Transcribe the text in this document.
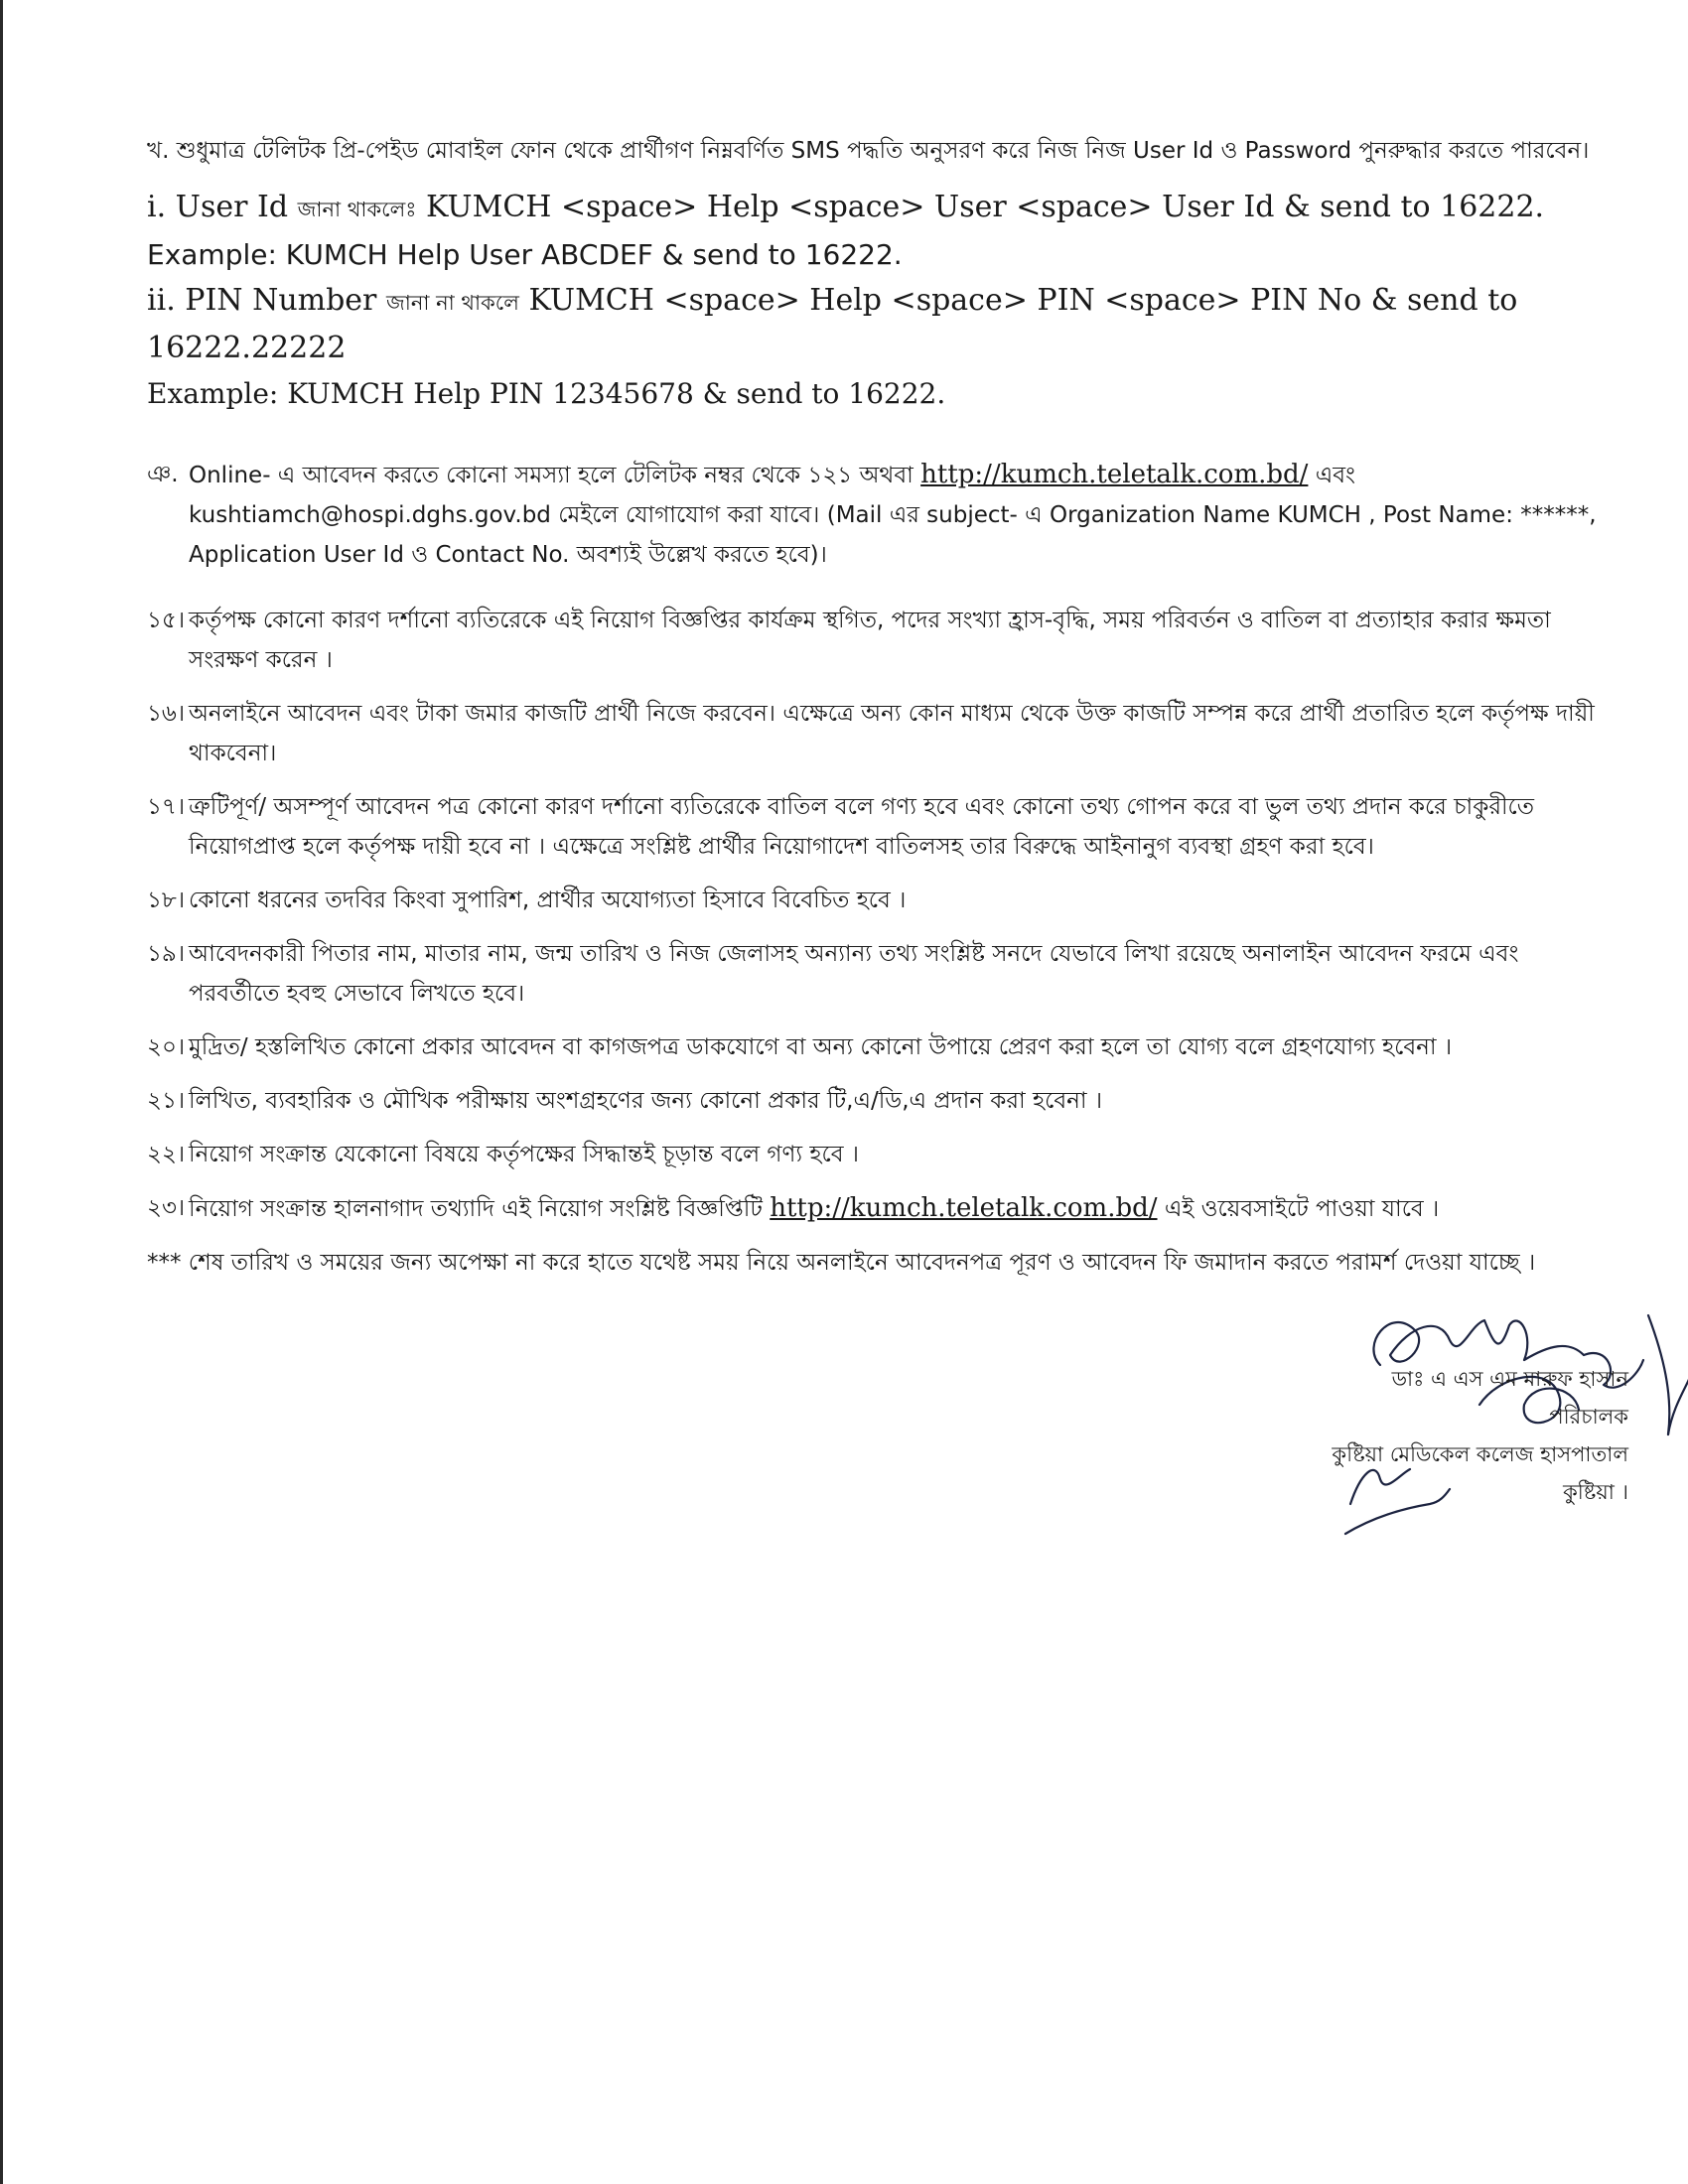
খ. শুধুমাত্র টেলিটক প্রি-পেইড মোবাইল ফোন থেকে প্রার্থীগণ নিম্নবর্ণিত SMS পদ্ধতি অনুসরণ করে নিজ নিজ User Id ও Password পুনরুদ্ধার করতে পারবেন।

i. User Id জানা থাকলেঃ KUMCH <space> Help <space> User <space> User Id & send to 16222.

Example: KUMCH Help User ABCDEF & send to 16222.

ii. PIN Number জানা না থাকলে KUMCH <space> Help <space> PIN <space> PIN No & send to 16222.22222

Example: KUMCH Help PIN 12345678 & send to 16222.

ঞ. Online- এ আবেদন করতে কোনো সমস্যা হলে টেলিটক নম্বর থেকে ১২১ অথবা http://kumch.teletalk.com.bd/ এবং kushtiamch@hospi.dghs.gov.bd মেইলে যোগাযোগ করা যাবে। (Mail এর subject- এ Organization Name KUMCH , Post Name: ******, Application User Id ও Contact No. অবশ্যই উল্লেখ করতে হবে)।
১৫। কর্তৃপক্ষ কোনো কারণ দর্শানো ব্যতিরেকে এই নিয়োগ বিজ্ঞপ্তির কার্যক্রম স্থগিত, পদের সংখ্যা হ্রাস-বৃদ্ধি, সময় পরিবর্তন ও বাতিল বা প্রত্যাহার করার ক্ষমতা সংরক্ষণ করেন ।
১৬। অনলাইনে আবেদন এবং টাকা জমার কাজটি প্রার্থী নিজে করবেন। এক্ষেত্রে অন্য কোন মাধ্যম থেকে উক্ত কাজটি সম্পন্ন করে প্রার্থী প্রতারিত হলে কর্তৃপক্ষ দায়ী থাকবেনা।
১৭। ত্রুটিপূর্ণ/ অসম্পূর্ণ আবেদন পত্র কোনো কারণ দর্শানো ব্যতিরেকে বাতিল বলে গণ্য হবে এবং কোনো তথ্য গোপন করে বা ভুল তথ্য প্রদান করে চাকুরীতে নিয়োগপ্রাপ্ত হলে কর্তৃপক্ষ দায়ী হবে না । এক্ষেত্রে সংশ্লিষ্ট প্রার্থীর নিয়োগাদেশ বাতিলসহ তার বিরুদ্ধে আইনানুগ ব্যবস্থা গ্রহণ করা হবে।
১৮। কোনো ধরনের তদবির কিংবা সুপারিশ, প্রার্থীর অযোগ্যতা হিসাবে বিবেচিত হবে ।
১৯। আবেদনকারী পিতার নাম, মাতার নাম, জন্ম তারিখ ও নিজ জেলাসহ অন্যান্য তথ্য সংশ্লিষ্ট সনদে যেভাবে লিখা রয়েছে অনালাইন আবেদন ফরমে এবং পরবর্তীতে হবহু সেভাবে লিখতে হবে।
২০। মুদ্রিত/ হস্তলিখিত কোনো প্রকার আবেদন বা কাগজপত্র ডাকযোগে বা অন্য কোনো উপায়ে প্রেরণ করা হলে তা যোগ্য বলে গ্রহণযোগ্য হবেনা ।
২১। লিখিত, ব্যবহারিক ও মৌখিক পরীক্ষায় অংশগ্রহণের জন্য কোনো প্রকার টি,এ/ডি,এ প্রদান করা হবেনা ।
২২। নিয়োগ সংক্রান্ত যেকোনো বিষয়ে কর্তৃপক্ষের সিদ্ধান্তই চূড়ান্ত বলে গণ্য হবে ।
২৩। নিয়োগ সংক্রান্ত হালনাগাদ তথ্যাদি এই নিয়োগ সংশ্লিষ্ট বিজ্ঞপ্তিটি http://kumch.teletalk.com.bd/ এই ওয়েবসাইটে পাওয়া যাবে ।

*** শেষ তারিখ ও সময়ের জন্য অপেক্ষা না করে হাতে যথেষ্ট সময় নিয়ে অনলাইনে আবেদনপত্র পূরণ ও আবেদন ফি জমাদান করতে পরামর্শ দেওয়া যাচ্ছে ।

ডাঃ এ এস এম মারুফ হাসান

পরিচালক

কুষ্টিয়া মেডিকেল কলেজ হাসপাতাল

কুষ্টিয়া ।
